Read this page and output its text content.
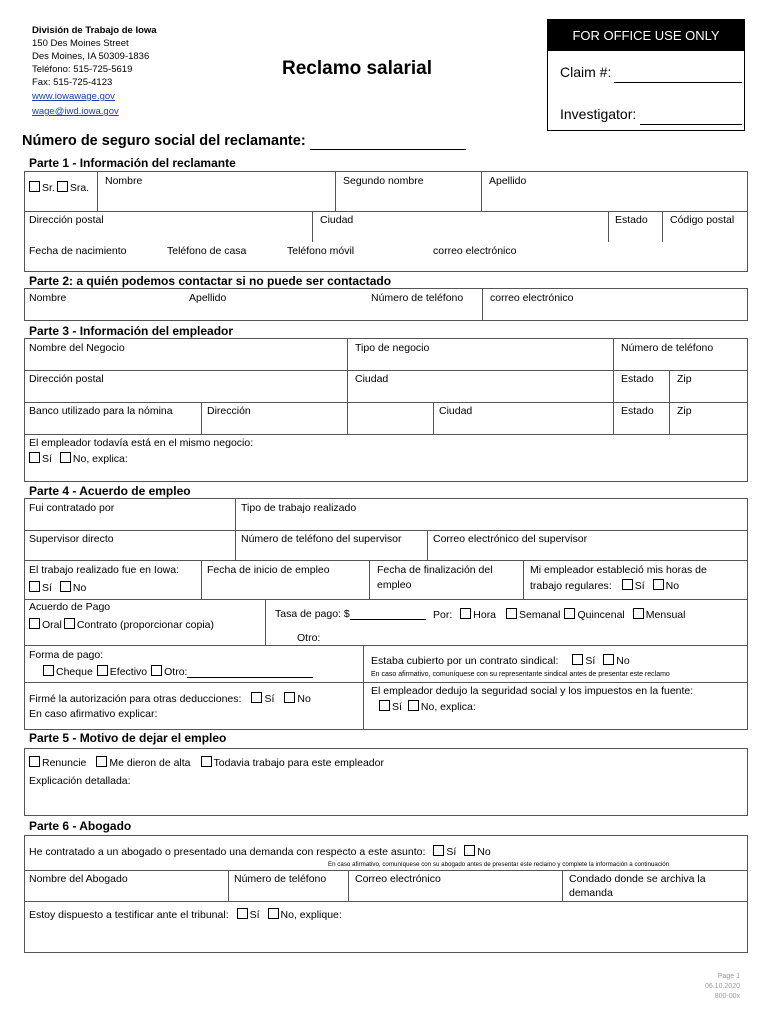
División de Trabajo de Iowa
150 Des Moines Street
Des Moines, IA 50309-1836
Teléfono: 515-725-5619
Fax: 515-725-4123
www.iowawage.gov
wage@iwd.iowa.gov
Reclamo salarial
FOR OFFICE USE ONLY
Claim #:
Investigator:
Número de seguro social del reclamante:
Parte 1 - Información del reclamante
Sr. Sra.
Nombre	Segundo nombre	Apellido
Dirección postal	Ciudad	Estado Código postal
Fecha de nacimiento	Teléfono de casa	Teléfono móvil	correo electrónico
Parte 2: a quién podemos contactar si no puede ser contactado
Nombre	Apellido	Número de teléfono	correo electrónico
Parte 3 - Información del empleador
Nombre del Negocio	Tipo de negocio	Número de teléfono
Dirección postal	Ciudad	Estado Zip
Banco utilizado para la nómina	Dirección	Ciudad	Estado Zip
El empleador todavía está en el mismo negocio:
Sí No, explica:
Parte 4 - Acuerdo de empleo
Fui contratado por	Tipo de trabajo realizado
Supervisor directo	Número de teléfono del supervisor	Correo electrónico del supervisor
El trabajo realizado fue en Iowa:
Sí No
Fecha de inicio de empleo	Fecha de finalización del
empleo
Mi empleador estableció mis horas de
trabajo regulares: Sí No
Acuerdo de Pago
Oral Contrato (proporcionar copia)
Tasa de pago: $	Por: Hora Semanal Quincenal Mensual
Otro:
Forma de pago:
Cheque Efectivo Otro:
Estaba cubierto por un contrato sindical:	Sí No
En caso afirmativo, comuníquese con su representante sindical antes de presentar este reclamo
Firmé la autorización para otras deducciones: Sí No
En caso afirmativo explicar:
El empleador dedujo la seguridad social y los impuestos en la fuente:
Sí No, explica:
Parte 5 - Motivo de dejar el empleo
Renuncie Me dieron de alta Todavia trabajo para este empleador
Explicación detallada:
Parte 6 - Abogado
He contratado a un abogado o presentado una demanda con respecto a este asunto: Sí No
En caso afirmativo, comuníquese con su abogado antes de presentar este reclamo y complete la información a continuación
Nombre del Abogado	Número de teléfono	Correo electrónico	Condado donde se archiva la
demanda
Estoy dispuesto a testificar ante el tribunal: Sí No, explique:
Page 1
06.10.2020
800-00x
